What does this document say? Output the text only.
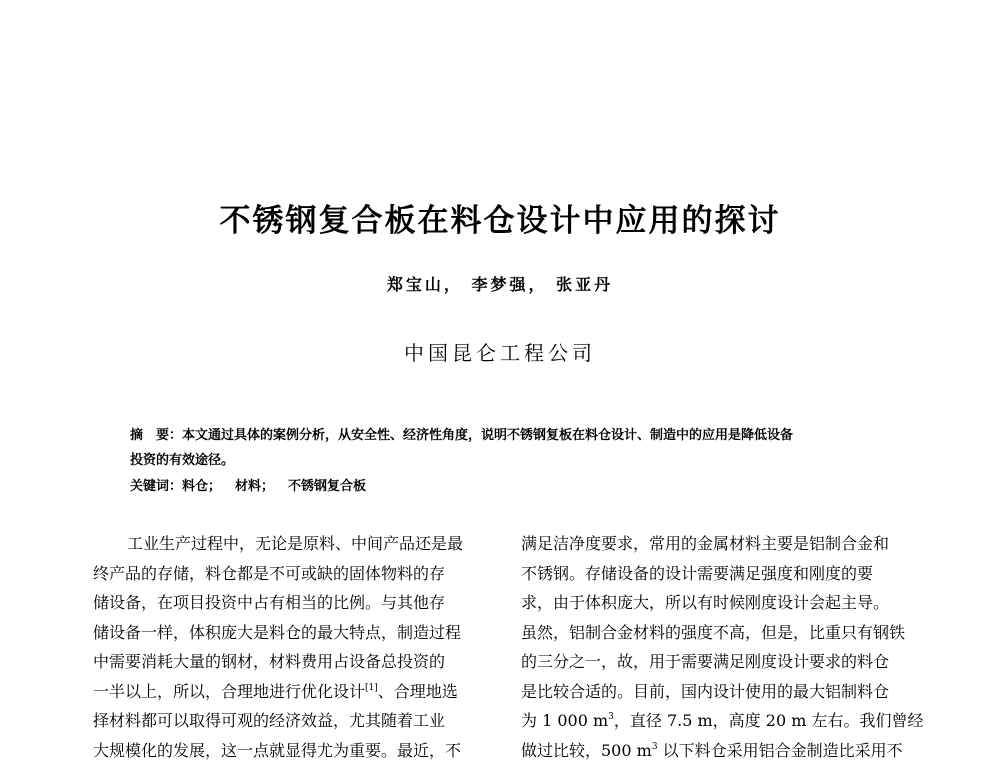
不锈钢复合板在料仓设计中应用的探讨
郑宝山， 李梦强， 张亚丹
中国昆仑工程公司

摘　要：本文通过具体的案例分析，从安全性、经济性角度，说明不锈钢复板在料仓设计、制造中的应用是降低设备
投资的有效途径。

关键词：料仓； 材料； 不锈钢复合板
工业生产过程中，无论是原料、中间产品还是最
终产品的存储，料仓都是不可或缺的固体物料的存
储设备，在项目投资中占有相当的比例。与其他存
储设备一样，体积庞大是料仓的最大特点，制造过程
中需要消耗大量的钢材，材料费用占设备总投资的
一半以上，所以，合理地进行优化设计[1]、合理地选
择材料都可以取得可观的经济效益，尤其随着工业
大规模化的发展，这一点就显得尤为重要。最近，不
满足洁净度要求，常用的金属材料主要是铝制合金和
不锈钢。存储设备的设计需要满足强度和刚度的要
求，由于体积庞大，所以有时候刚度设计会起主导。
虽然，铝制合金材料的强度不高，但是，比重只有钢铁
的三分之一，故，用于需要满足刚度设计要求的料仓
是比较合适的。目前，国内设计使用的最大铝制料仓
为 1 000 $m^3$，直径 7.5 m，高度 20 m 左右。我们曾经
做过比较，500 $m^3$ 以下料仓采用铝合金制造比采用不
